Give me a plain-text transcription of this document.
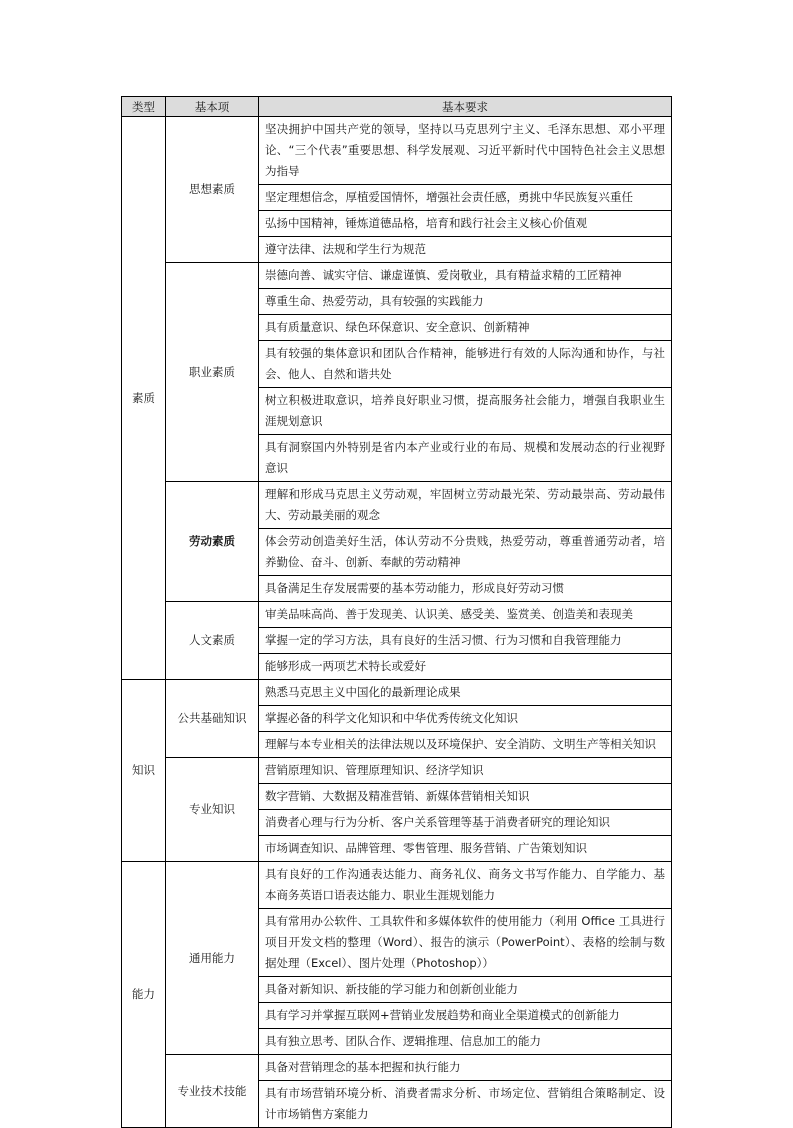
类型	基本项	基本要求
素质	思想素质	坚决拥护中国共产党的领导，坚持以马克思列宁主义、毛泽东思想、邓小平理论、“三个代表”重要思想、科学发展观、习近平新时代中国特色社会主义思想为指导
		坚定理想信念，厚植爱国情怀，增强社会责任感，勇挑中华民族复兴重任
		弘扬中国精神，锤炼道德品格，培育和践行社会主义核心价值观
		遵守法律、法规和学生行为规范
	职业素质	崇德向善、诚实守信、谦虚谨慎、爱岗敬业，具有精益求精的工匠精神
		尊重生命、热爱劳动，具有较强的实践能力
		具有质量意识、绿色环保意识、安全意识、创新精神
		具有较强的集体意识和团队合作精神，能够进行有效的人际沟通和协作，与社会、他人、自然和谐共处
		树立积极进取意识，培养良好职业习惯，提高服务社会能力，增强自我职业生涯规划意识
		具有洞察国内外特别是省内本产业或行业的布局、规模和发展动态的行业视野意识
	劳动素质	理解和形成马克思主义劳动观，牢固树立劳动最光荣、劳动最崇高、劳动最伟大、劳动最美丽的观念
		体会劳动创造美好生活，体认劳动不分贵贱，热爱劳动，尊重普通劳动者，培养勤俭、奋斗、创新、奉献的劳动精神
		具备满足生存发展需要的基本劳动能力，形成良好劳动习惯
	人文素质	审美品味高尚、善于发现美、认识美、感受美、鉴赏美、创造美和表现美
		掌握一定的学习方法，具有良好的生活习惯、行为习惯和自我管理能力
		能够形成一两项艺术特长或爱好
知识	公共基础知识	熟悉马克思主义中国化的最新理论成果
		掌握必备的科学文化知识和中华优秀传统文化知识
		理解与本专业相关的法律法规以及环境保护、安全消防、文明生产等相关知识
	专业知识	营销原理知识、管理原理知识、经济学知识
		数字营销、大数据及精准营销、新媒体营销相关知识
		消费者心理与行为分析、客户关系管理等基于消费者研究的理论知识
		市场调查知识、品牌管理、零售管理、服务营销、广告策划知识
能力	通用能力	具有良好的工作沟通表达能力、商务礼仪、商务文书写作能力、自学能力、基本商务英语口语表达能力、职业生涯规划能力
		具有常用办公软件、工具软件和多媒体软件的使用能力（利用 Office 工具进行项目开发文档的整理（Word）、报告的演示（PowerPoint）、表格的绘制与数据处理（Excel）、图片处理（Photoshop））
		具备对新知识、新技能的学习能力和创新创业能力
		具有学习并掌握互联网+营销业发展趋势和商业全渠道模式的创新能力
		具有独立思考、团队合作、逻辑推理、信息加工的能力
	专业技术技能	具备对营销理念的基本把握和执行能力
		具有市场营销环境分析、消费者需求分析、市场定位、营销组合策略制定、设计市场销售方案能力
